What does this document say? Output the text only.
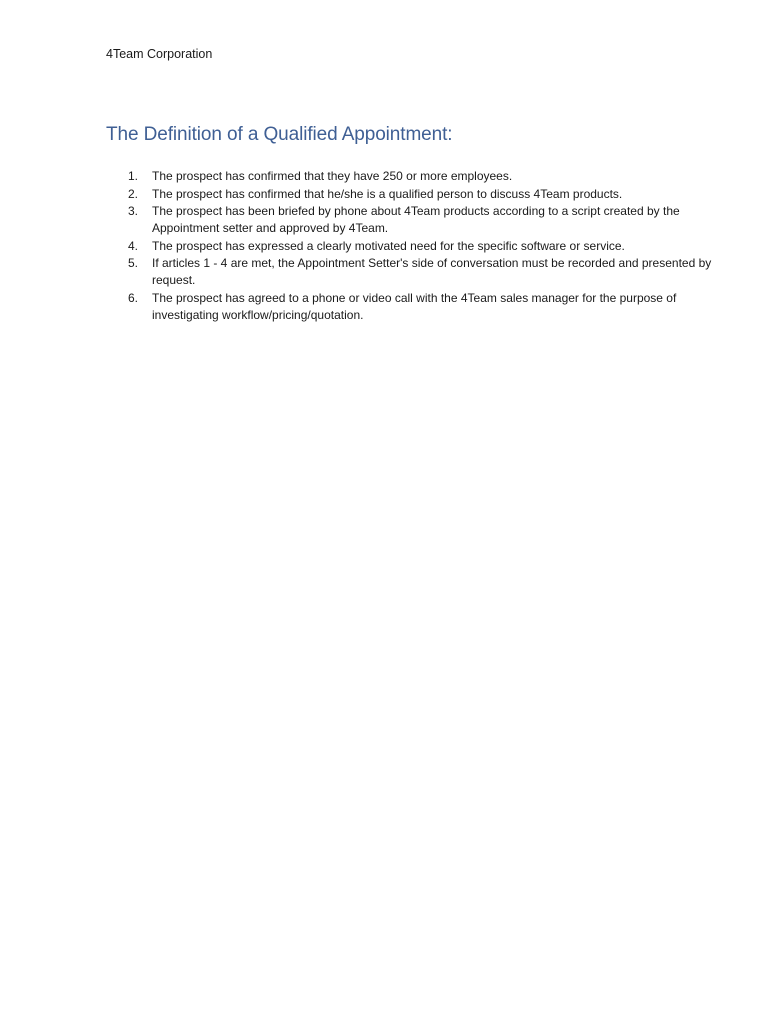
4Team Corporation
The Definition of a Qualified Appointment:
1. The prospect has confirmed that they have 250 or more employees.
2. The prospect has confirmed that he/she is a qualified person to discuss 4Team products.
3. The prospect has been briefed by phone about 4Team products according to a script created by the Appointment setter and approved by 4Team.
4. The prospect has expressed a clearly motivated need for the specific software or service.
5. If articles 1 - 4 are met, the Appointment Setter's side of conversation must be recorded and presented by request.
6. The prospect has agreed to a phone or video call with the 4Team sales manager for the purpose of investigating workflow/pricing/quotation.
